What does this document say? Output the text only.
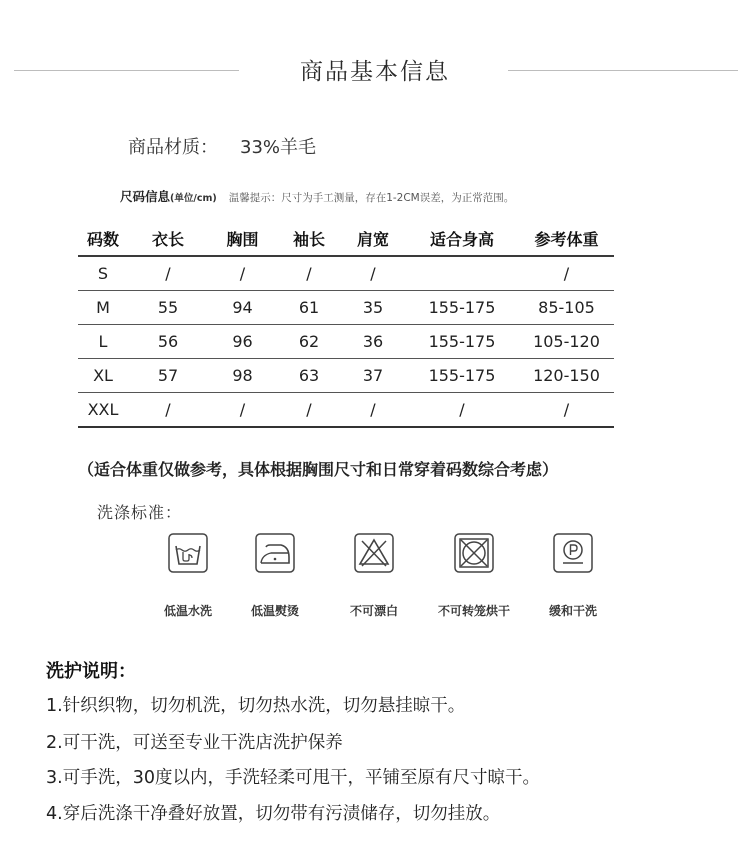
商品基本信息
商品材质： 33%羊毛
尺码信息(单位/cm) 温馨提示：尺寸为手工测量，存在1-2CM误差，为正常范围。
码数	衣长	胸围	袖长	肩宽	适合身高	参考体重
S	/	/	/	/		/
M	55	94	61	35	155-175	85-105
L	56	96	62	36	155-175	105-120
XL	57	98	63	37	155-175	120-150
XXL	/	/	/	/	/	/
（适合体重仅做参考，具体根据胸围尺寸和日常穿着码数综合考虑）
洗涤标准：
低温水洗	低温熨烫	不可漂白	不可转笼烘干	缓和干洗
洗护说明：
1.针织织物，切勿机洗，切勿热水洗，切勿悬挂晾干。
2.可干洗，可送至专业干洗店洗护保养
3.可手洗，30度以内，手洗轻柔可甩干，平铺至原有尺寸晾干。
4.穿后洗涤干净叠好放置，切勿带有污渍储存，切勿挂放。
